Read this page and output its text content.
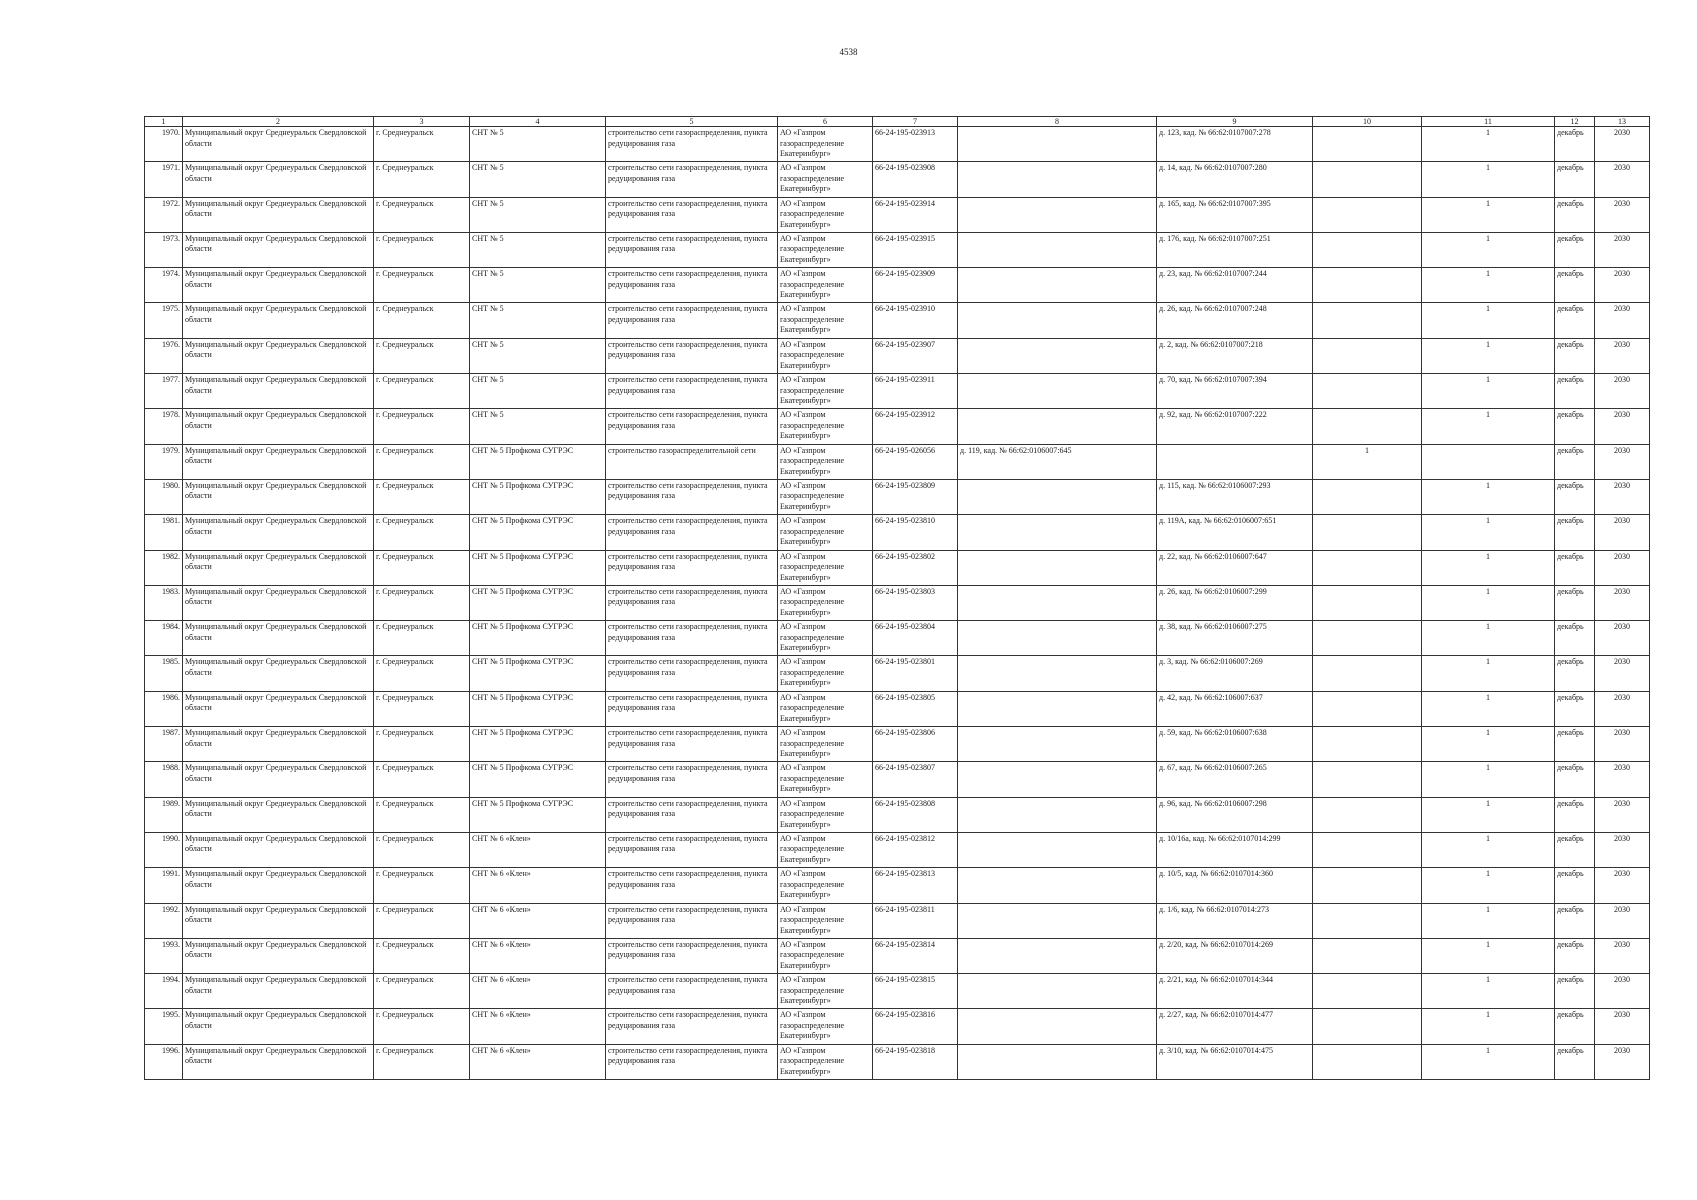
4538
1	2	3	4	5	6	7	8	9	10	11	12	13
1970.	Муниципальный округ Среднеуральск Свердловской области	г. Среднеуральск	СНТ № 5	строительство сети газораспределения, пункта редуцирования газа	АО «Газпром газораспределение Екатеринбург»	66-24-195-023913		д. 123, кад. № 66:62:0107007:278		1	декабрь	2030
1971.	Муниципальный округ Среднеуральск Свердловской области	г. Среднеуральск	СНТ № 5	строительство сети газораспределения, пункта редуцирования газа	АО «Газпром газораспределение Екатеринбург»	66-24-195-023908		д. 14, кад. № 66:62:0107007:280		1	декабрь	2030
1972.	Муниципальный округ Среднеуральск Свердловской области	г. Среднеуральск	СНТ № 5	строительство сети газораспределения, пункта редуцирования газа	АО «Газпром газораспределение Екатеринбург»	66-24-195-023914		д. 165, кад. № 66:62:0107007:395		1	декабрь	2030
1973.	Муниципальный округ Среднеуральск Свердловской области	г. Среднеуральск	СНТ № 5	строительство сети газораспределения, пункта редуцирования газа	АО «Газпром газораспределение Екатеринбург»	66-24-195-023915		д. 176, кад. № 66:62:0107007:251		1	декабрь	2030
1974.	Муниципальный округ Среднеуральск Свердловской области	г. Среднеуральск	СНТ № 5	строительство сети газораспределения, пункта редуцирования газа	АО «Газпром газораспределение Екатеринбург»	66-24-195-023909		д. 23, кад. № 66:62:0107007:244		1	декабрь	2030
1975.	Муниципальный округ Среднеуральск Свердловской области	г. Среднеуральск	СНТ № 5	строительство сети газораспределения, пункта редуцирования газа	АО «Газпром газораспределение Екатеринбург»	66-24-195-023910		д. 26, кад. № 66:62:0107007:248		1	декабрь	2030
1976.	Муниципальный округ Среднеуральск Свердловской области	г. Среднеуральск	СНТ № 5	строительство сети газораспределения, пункта редуцирования газа	АО «Газпром газораспределение Екатеринбург»	66-24-195-023907		д. 2, кад. № 66:62:0107007:218		1	декабрь	2030
1977.	Муниципальный округ Среднеуральск Свердловской области	г. Среднеуральск	СНТ № 5	строительство сети газораспределения, пункта редуцирования газа	АО «Газпром газораспределение Екатеринбург»	66-24-195-023911		д. 70, кад. № 66:62:0107007:394		1	декабрь	2030
1978.	Муниципальный округ Среднеуральск Свердловской области	г. Среднеуральск	СНТ № 5	строительство сети газораспределения, пункта редуцирования газа	АО «Газпром газораспределение Екатеринбург»	66-24-195-023912		д. 92, кад. № 66:62:0107007:222		1	декабрь	2030
1979.	Муниципальный округ Среднеуральск Свердловской области	г. Среднеуральск	СНТ № 5 Профкома СУГРЭС	строительство газораспределительной сети	АО «Газпром газораспределение Екатеринбург»	66-24-195-026056	д. 119, кад. № 66:62:0106007:645		1		декабрь	2030
1980.	Муниципальный округ Среднеуральск Свердловской области	г. Среднеуральск	СНТ № 5 Профкома СУГРЭС	строительство сети газораспределения, пункта редуцирования газа	АО «Газпром газораспределение Екатеринбург»	66-24-195-023809		д. 115, кад. № 66:62:0106007:293		1	декабрь	2030
1981.	Муниципальный округ Среднеуральск Свердловской области	г. Среднеуральск	СНТ № 5 Профкома СУГРЭС	строительство сети газораспределения, пункта редуцирования газа	АО «Газпром газораспределение Екатеринбург»	66-24-195-023810		д. 119А, кад. № 66:62:0106007:651		1	декабрь	2030
1982.	Муниципальный округ Среднеуральск Свердловской области	г. Среднеуральск	СНТ № 5 Профкома СУГРЭС	строительство сети газораспределения, пункта редуцирования газа	АО «Газпром газораспределение Екатеринбург»	66-24-195-023802		д. 22, кад. № 66:62:0106007:647		1	декабрь	2030
1983.	Муниципальный округ Среднеуральск Свердловской области	г. Среднеуральск	СНТ № 5 Профкома СУГРЭС	строительство сети газораспределения, пункта редуцирования газа	АО «Газпром газораспределение Екатеринбург»	66-24-195-023803		д. 26, кад. № 66:62:0106007:299		1	декабрь	2030
1984.	Муниципальный округ Среднеуральск Свердловской области	г. Среднеуральск	СНТ № 5 Профкома СУГРЭС	строительство сети газораспределения, пункта редуцирования газа	АО «Газпром газораспределение Екатеринбург»	66-24-195-023804		д. 38, кад. № 66:62:0106007:275		1	декабрь	2030
1985.	Муниципальный округ Среднеуральск Свердловской области	г. Среднеуральск	СНТ № 5 Профкома СУГРЭС	строительство сети газораспределения, пункта редуцирования газа	АО «Газпром газораспределение Екатеринбург»	66-24-195-023801		д. 3, кад. № 66:62:0106007:269		1	декабрь	2030
1986.	Муниципальный округ Среднеуральск Свердловской области	г. Среднеуральск	СНТ № 5 Профкома СУГРЭС	строительство сети газораспределения, пункта редуцирования газа	АО «Газпром газораспределение Екатеринбург»	66-24-195-023805		д. 42, кад. № 66:62:106007:637		1	декабрь	2030
1987.	Муниципальный округ Среднеуральск Свердловской области	г. Среднеуральск	СНТ № 5 Профкома СУГРЭС	строительство сети газораспределения, пункта редуцирования газа	АО «Газпром газораспределение Екатеринбург»	66-24-195-023806		д. 59, кад. № 66:62:0106007:638		1	декабрь	2030
1988.	Муниципальный округ Среднеуральск Свердловской области	г. Среднеуральск	СНТ № 5 Профкома СУГРЭС	строительство сети газораспределения, пункта редуцирования газа	АО «Газпром газораспределение Екатеринбург»	66-24-195-023807		д. 67, кад. № 66:62:0106007:265		1	декабрь	2030
1989.	Муниципальный округ Среднеуральск Свердловской области	г. Среднеуральск	СНТ № 5 Профкома СУГРЭС	строительство сети газораспределения, пункта редуцирования газа	АО «Газпром газораспределение Екатеринбург»	66-24-195-023808		д. 96, кад. № 66:62:0106007:298		1	декабрь	2030
1990.	Муниципальный округ Среднеуральск Свердловской области	г. Среднеуральск	СНТ № 6 «Клен»	строительство сети газораспределения, пункта редуцирования газа	АО «Газпром газораспределение Екатеринбург»	66-24-195-023812		д. 10/16а, кад. № 66:62:0107014:299		1	декабрь	2030
1991.	Муниципальный округ Среднеуральск Свердловской области	г. Среднеуральск	СНТ № 6 «Клен»	строительство сети газораспределения, пункта редуцирования газа	АО «Газпром газораспределение Екатеринбург»	66-24-195-023813		д. 10/5, кад. № 66:62:0107014:360		1	декабрь	2030
1992.	Муниципальный округ Среднеуральск Свердловской области	г. Среднеуральск	СНТ № 6 «Клен»	строительство сети газораспределения, пункта редуцирования газа	АО «Газпром газораспределение Екатеринбург»	66-24-195-023811		д. 1/6, кад. № 66:62:0107014:273		1	декабрь	2030
1993.	Муниципальный округ Среднеуральск Свердловской области	г. Среднеуральск	СНТ № 6 «Клен»	строительство сети газораспределения, пункта редуцирования газа	АО «Газпром газораспределение Екатеринбург»	66-24-195-023814		д. 2/20, кад. № 66:62:0107014:269		1	декабрь	2030
1994.	Муниципальный округ Среднеуральск Свердловской области	г. Среднеуральск	СНТ № 6 «Клен»	строительство сети газораспределения, пункта редуцирования газа	АО «Газпром газораспределение Екатеринбург»	66-24-195-023815		д. 2/21, кад. № 66:62:0107014:344		1	декабрь	2030
1995.	Муниципальный округ Среднеуральск Свердловской области	г. Среднеуральск	СНТ № 6 «Клен»	строительство сети газораспределения, пункта редуцирования газа	АО «Газпром газораспределение Екатеринбург»	66-24-195-023816		д. 2/27, кад. № 66:62:0107014:477		1	декабрь	2030
1996.	Муниципальный округ Среднеуральск Свердловской области	г. Среднеуральск	СНТ № 6 «Клен»	строительство сети газораспределения, пункта редуцирования газа	АО «Газпром газораспределение Екатеринбург»	66-24-195-023818		д. 3/10, кад. № 66:62:0107014:475		1	декабрь	2030
